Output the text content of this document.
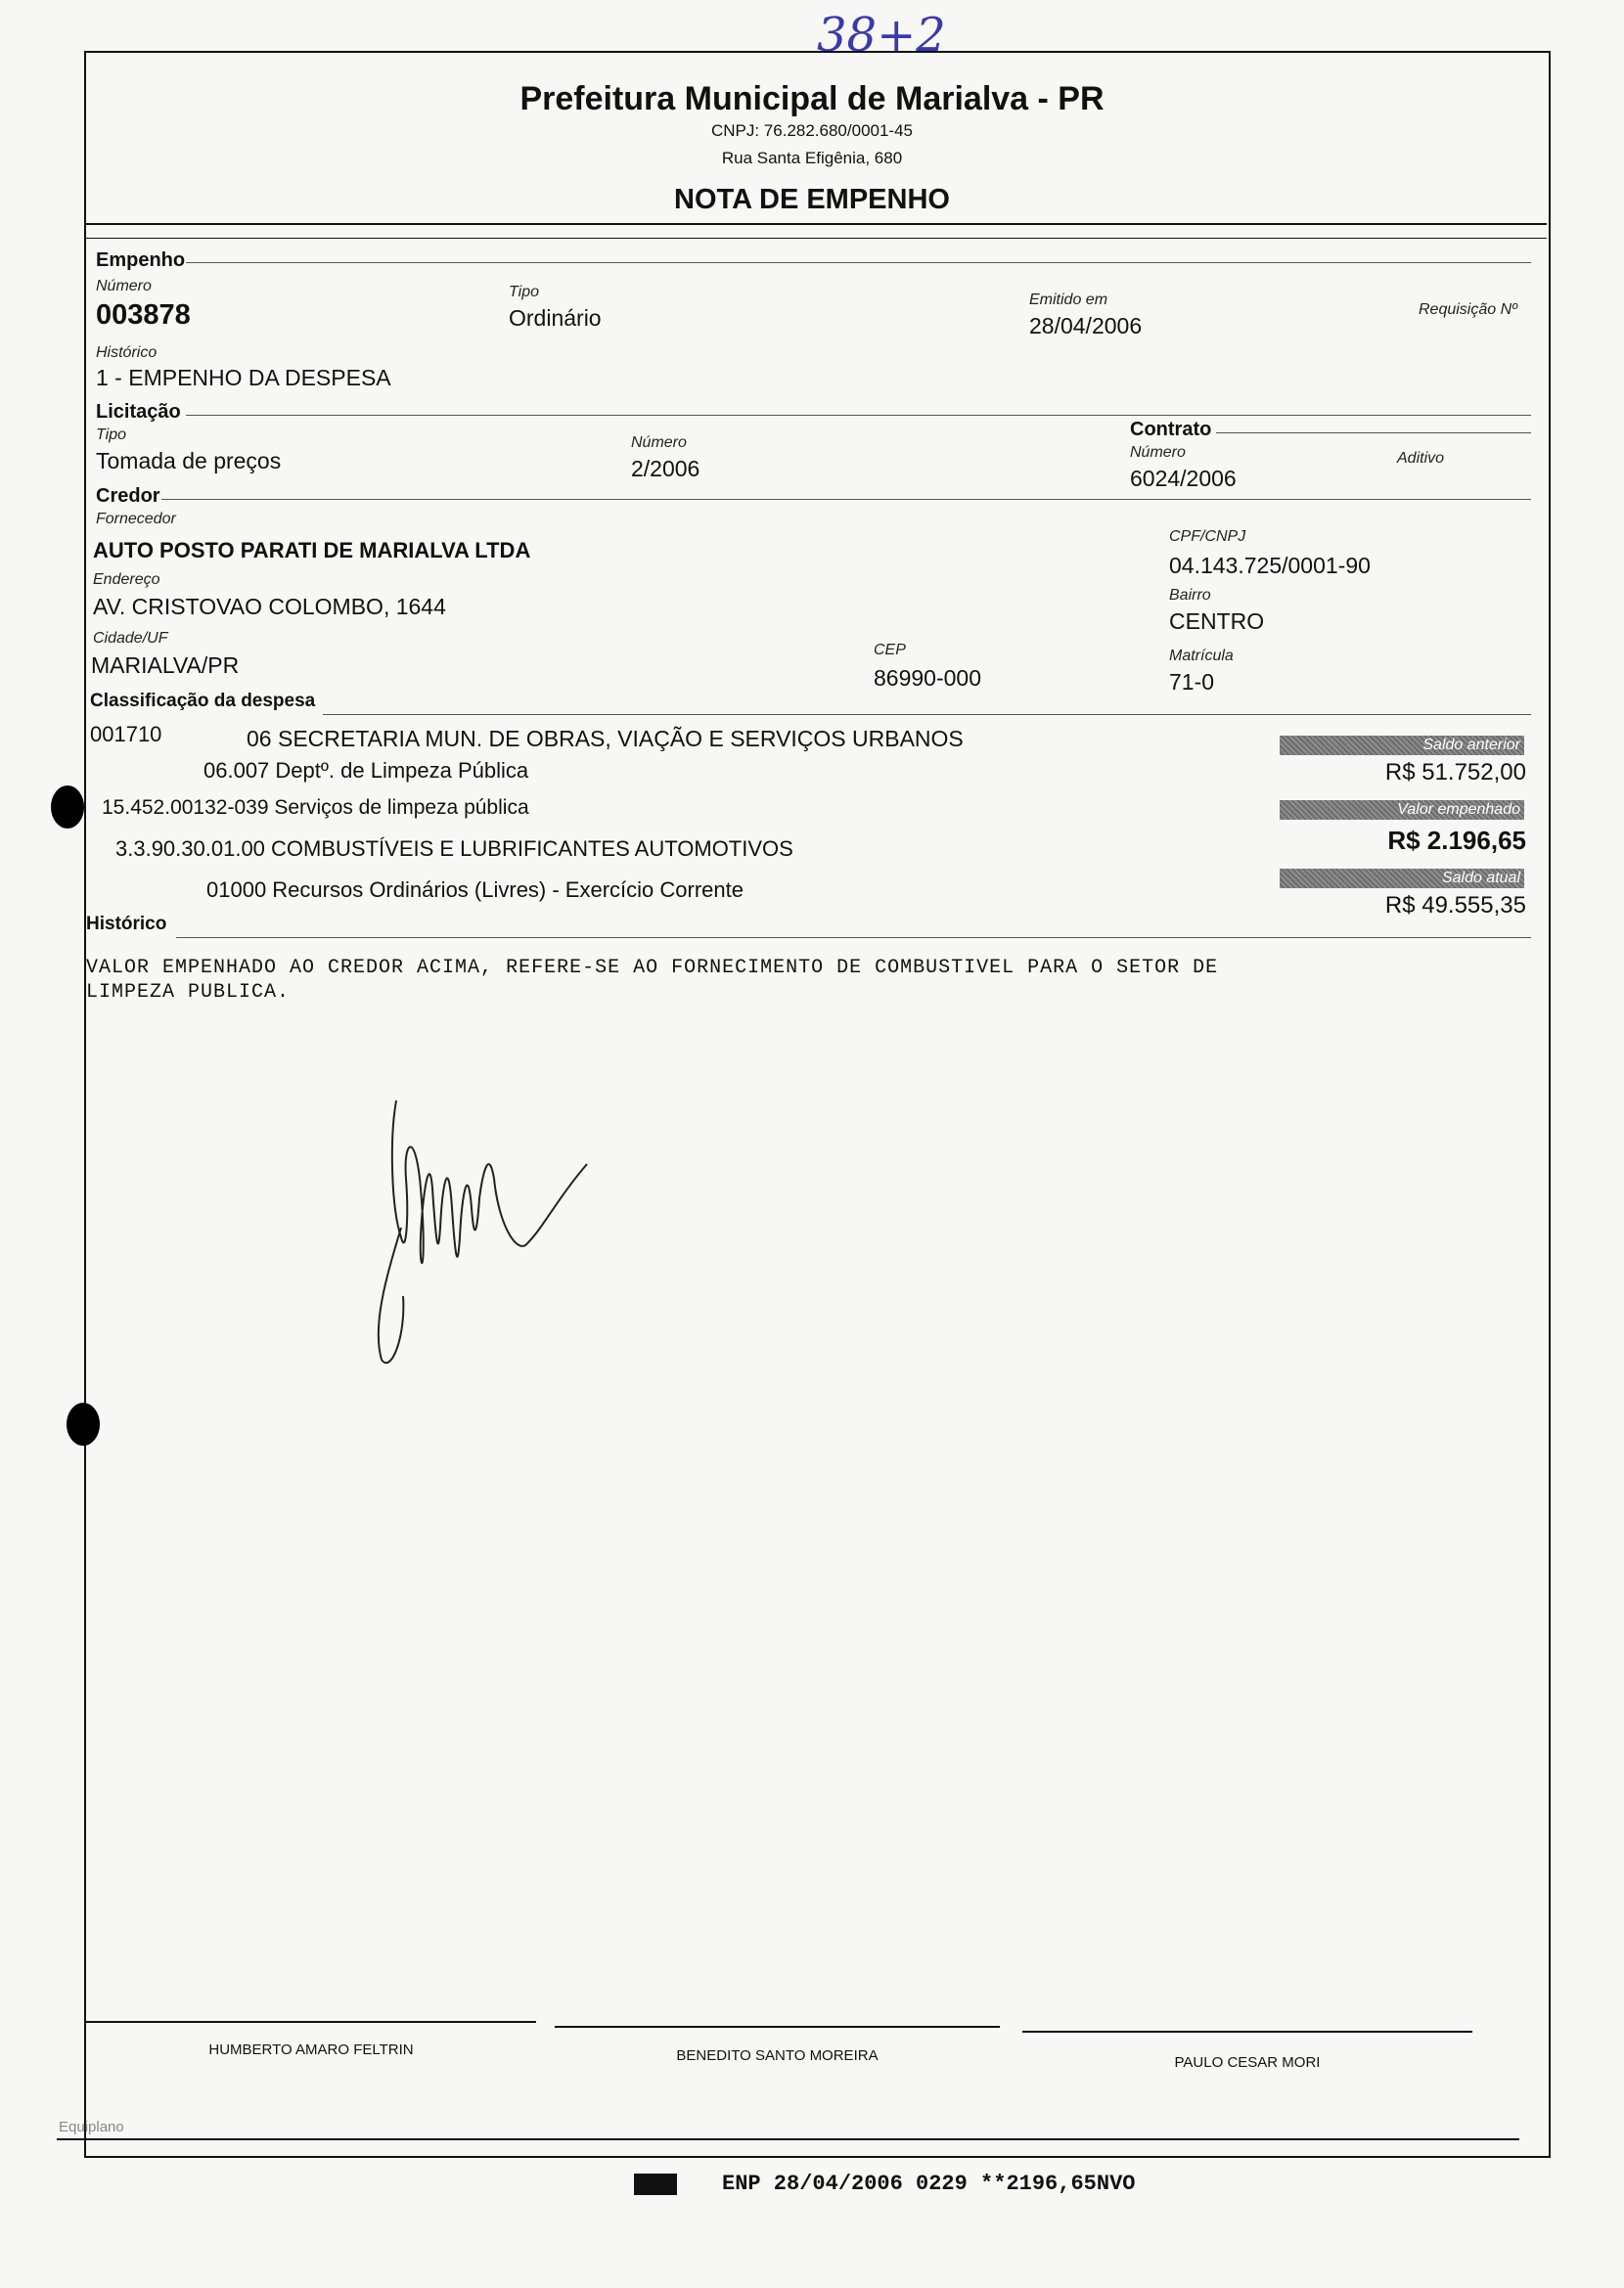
38+2
Prefeitura Municipal de Marialva - PR
CNPJ: 76.282.680/0001-45
Rua Santa Efigênia, 680
NOTA DE EMPENHO
Empenho
Número
003878
Tipo
Ordinário
Emitido em
28/04/2006
Requisição Nº
Histórico
1 - EMPENHO DA DESPESA
Licitação
Tipo
Tomada de preços
Número
2/2006
Contrato
Número
6024/2006
Aditivo
Credor
Fornecedor
AUTO POSTO PARATI DE MARIALVA LTDA
CPF/CNPJ
04.143.725/0001-90
Endereço
AV. CRISTOVAO COLOMBO, 1644	Bairro
CENTRO
Cidade/UF
MARIALVA/PR
CEP
86990-000
Matrícula
71-0
Classificação da despesa
001710	06 SECRETARIA MUN. DE OBRAS, VIAÇÃO E SERVIÇOS URBANOS
06.007 Deptº. de Limpeza Pública
15.452.00132-039 Serviços de limpeza pública
3.3.90.30.01.00 COMBUSTÍVEIS E LUBRIFICANTES AUTOMOTIVOS
01000 Recursos Ordinários (Livres) - Exercício Corrente
Saldo anterior
R$ 51.752,00
Valor empenhado
R$ 2.196,65
Saldo atual
R$ 49.555,35
Histórico
VALOR EMPENHADO AO CREDOR ACIMA, REFERE-SE AO FORNECIMENTO DE COMBUSTIVEL PARA O SETOR DE
LIMPEZA PUBLICA.
HUMBERTO AMARO FELTRIN	BENEDITO SANTO MOREIRA	PAULO CESAR MORI
Equiplano
ENP 28/04/2006 0229 **2196,65NVO
